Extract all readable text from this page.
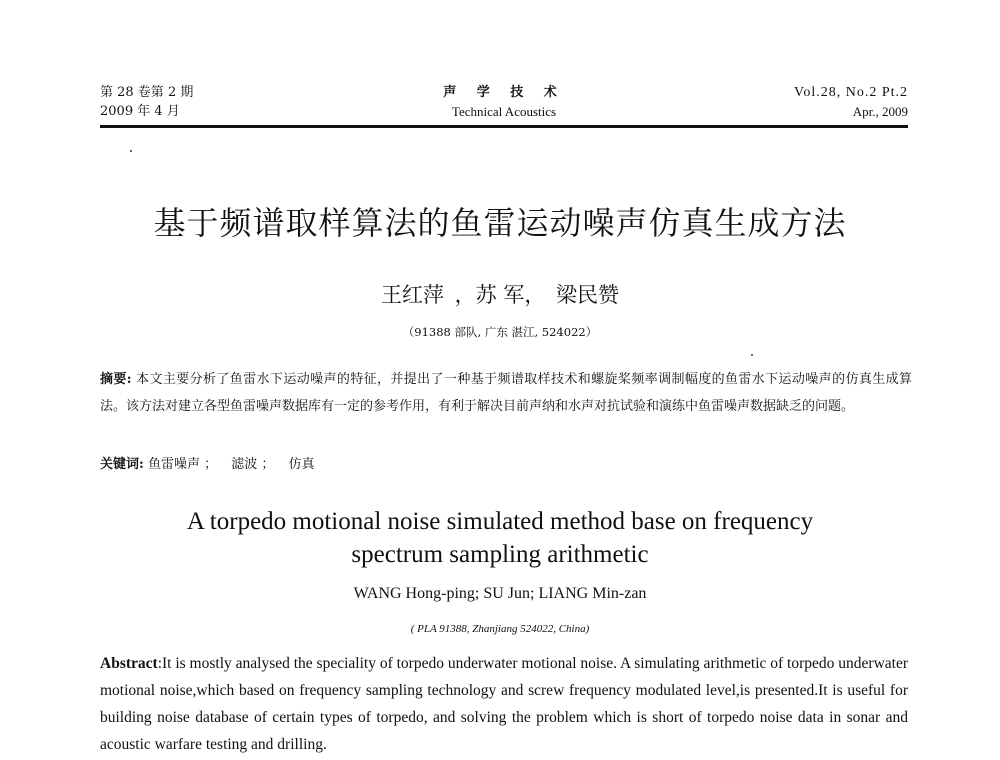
第 28 卷第 2 期
2009 年 4 月
声 学 技 术
Technical Acoustics
Vol.28, No.2 Pt.2
Apr., 2009
基于频谱取样算法的鱼雷运动噪声仿真生成方法
王红萍 ，苏 军， 梁民赞
（91388 部队, 广东 湛江, 524022）
摘要: 本文主要分析了鱼雷水下运动噪声的特征，并提出了一种基于频谱取样技术和螺旋桨频率调制幅度的鱼雷水下运动噪声的仿真生成算法。该方法对建立各型鱼雷噪声数据库有一定的参考作用，有利于解决目前声纳和水声对抗试验和演练中鱼雷噪声数据缺乏的问题。
关键词: 鱼雷噪声 ； 滤波 ； 仿真
A torpedo motional noise simulated method base on frequency
spectrum sampling arithmetic
WANG Hong-ping; SU Jun; LIANG Min-zan
( PLA 91388, Zhanjiang 524022, China)
Abstract:It is mostly analysed the speciality of torpedo underwater motional noise. A simulating arithmetic of torpedo underwater motional noise,which based on frequency sampling technology and screw frequency modulated level,is presented.It is useful for building noise database of certain types of torpedo, and solving the problem which is short of torpedo noise data in sonar and acoustic warfare testing and drilling.
